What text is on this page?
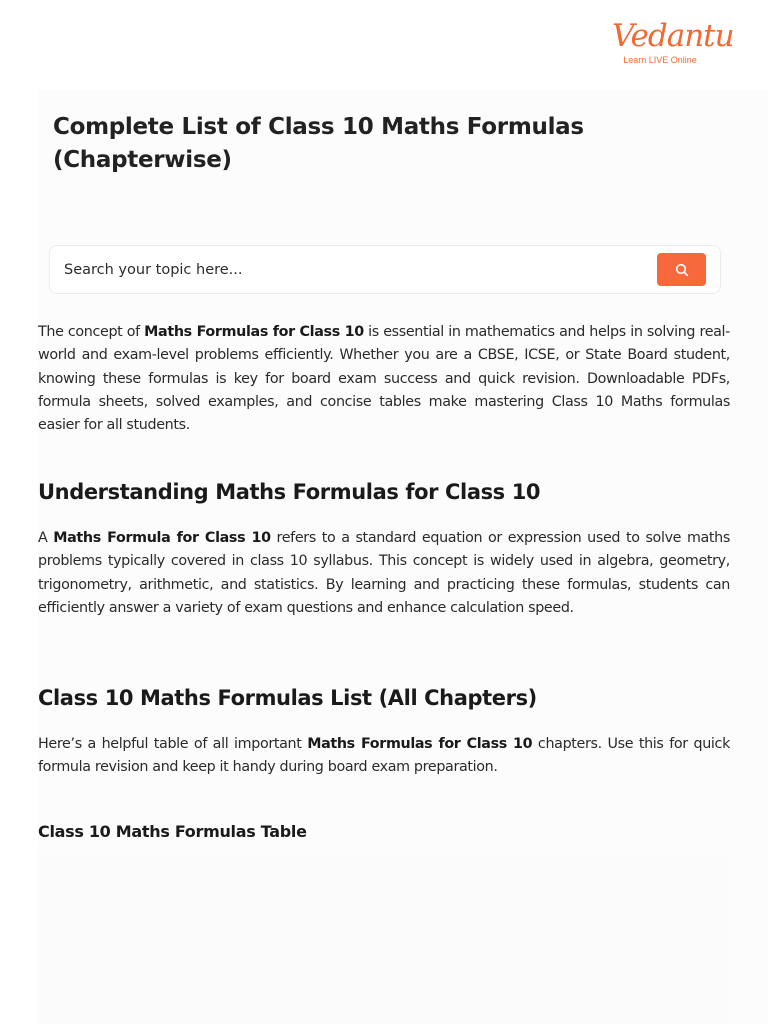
Vedantu
Learn LIVE Online
Complete List of Class 10 Maths Formulas (Chapterwise)
Search your topic here...

The concept of Maths Formulas for Class 10 is essential in mathematics and helps in solving real-world and exam-level problems efficiently. Whether you are a CBSE, ICSE, or State Board student, knowing these formulas is key for board exam success and quick revision. Downloadable PDFs, formula sheets, solved examples, and concise tables make mastering Class 10 Maths formulas easier for all students.

Understanding Maths Formulas for Class 10

A Maths Formula for Class 10 refers to a standard equation or expression used to solve maths problems typically covered in class 10 syllabus. This concept is widely used in algebra, geometry, trigonometry, arithmetic, and statistics. By learning and practicing these formulas, students can efficiently answer a variety of exam questions and enhance calculation speed.

Class 10 Maths Formulas List (All Chapters)

Here’s a helpful table of all important Maths Formulas for Class 10 chapters. Use this for quick formula revision and keep it handy during board exam preparation.

Class 10 Maths Formulas Table
